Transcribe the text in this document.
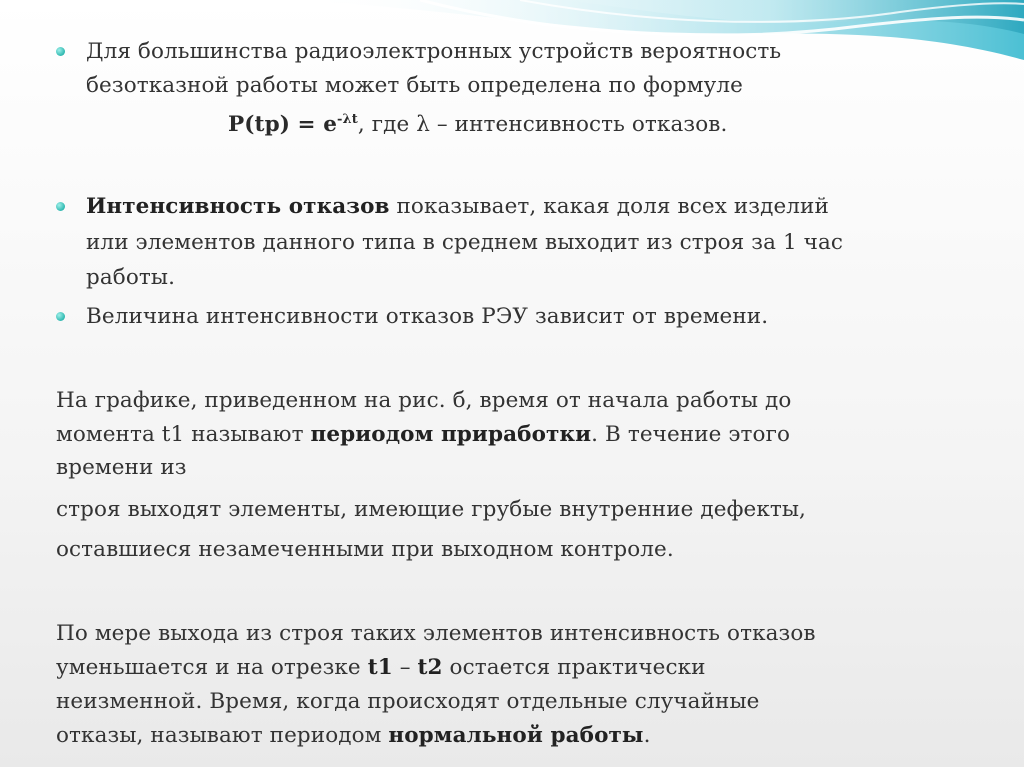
Для большинства радиоэлектронных устройств вероятность
безотказной работы может быть определена по формуле
$P(tp) = e^{-\lambda t}$, где λ – интенсивность отказов.
Интенсивность отказов показывает, какая доля всех изделий
или элементов данного типа в среднем выходит из строя за 1 час
работы.
Величина интенсивности отказов РЭУ зависит от времени.
На графике, приведенном на рис. б, время от начала работы до
момента t1 называют периодом приработки. В течение этого
времени из
строя выходят элементы, имеющие грубые внутренние дефекты,
оставшиеся незамеченными при выходном контроле.
По мере выхода из строя таких элементов интенсивность отказов
уменьшается и на отрезке t1 – t2 остается практически
неизменной. Время, когда происходят отдельные случайные
отказы, называют периодом нормальной работы.
